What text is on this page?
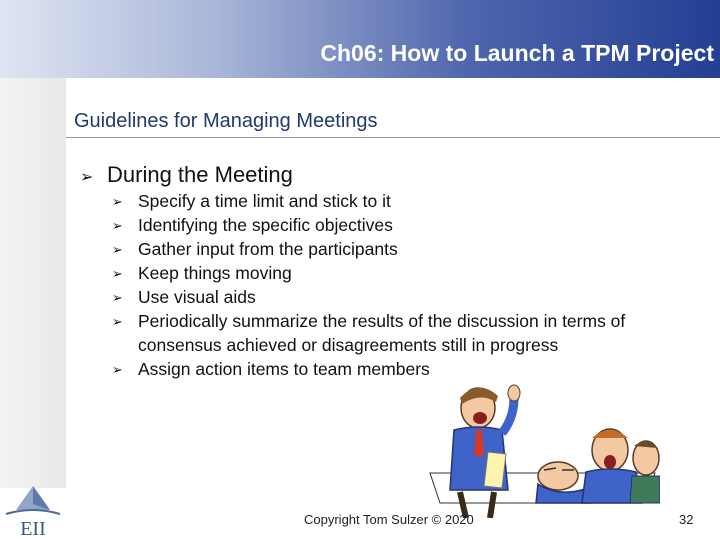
Ch06: How to Launch a TPM Project
Guidelines for Managing Meetings
➢ During the Meeting
➢ Specify a time limit and stick to it
➢ Identifying the specific objectives
➢ Gather input from the participants
➢ Keep things moving
➢ Use visual aids
➢ Periodically summarize the results of the discussion in terms of consensus achieved or disagreements still in progress
➢ Assign action items to team members
EII	Copyright Tom Sulzer © 2020	32
